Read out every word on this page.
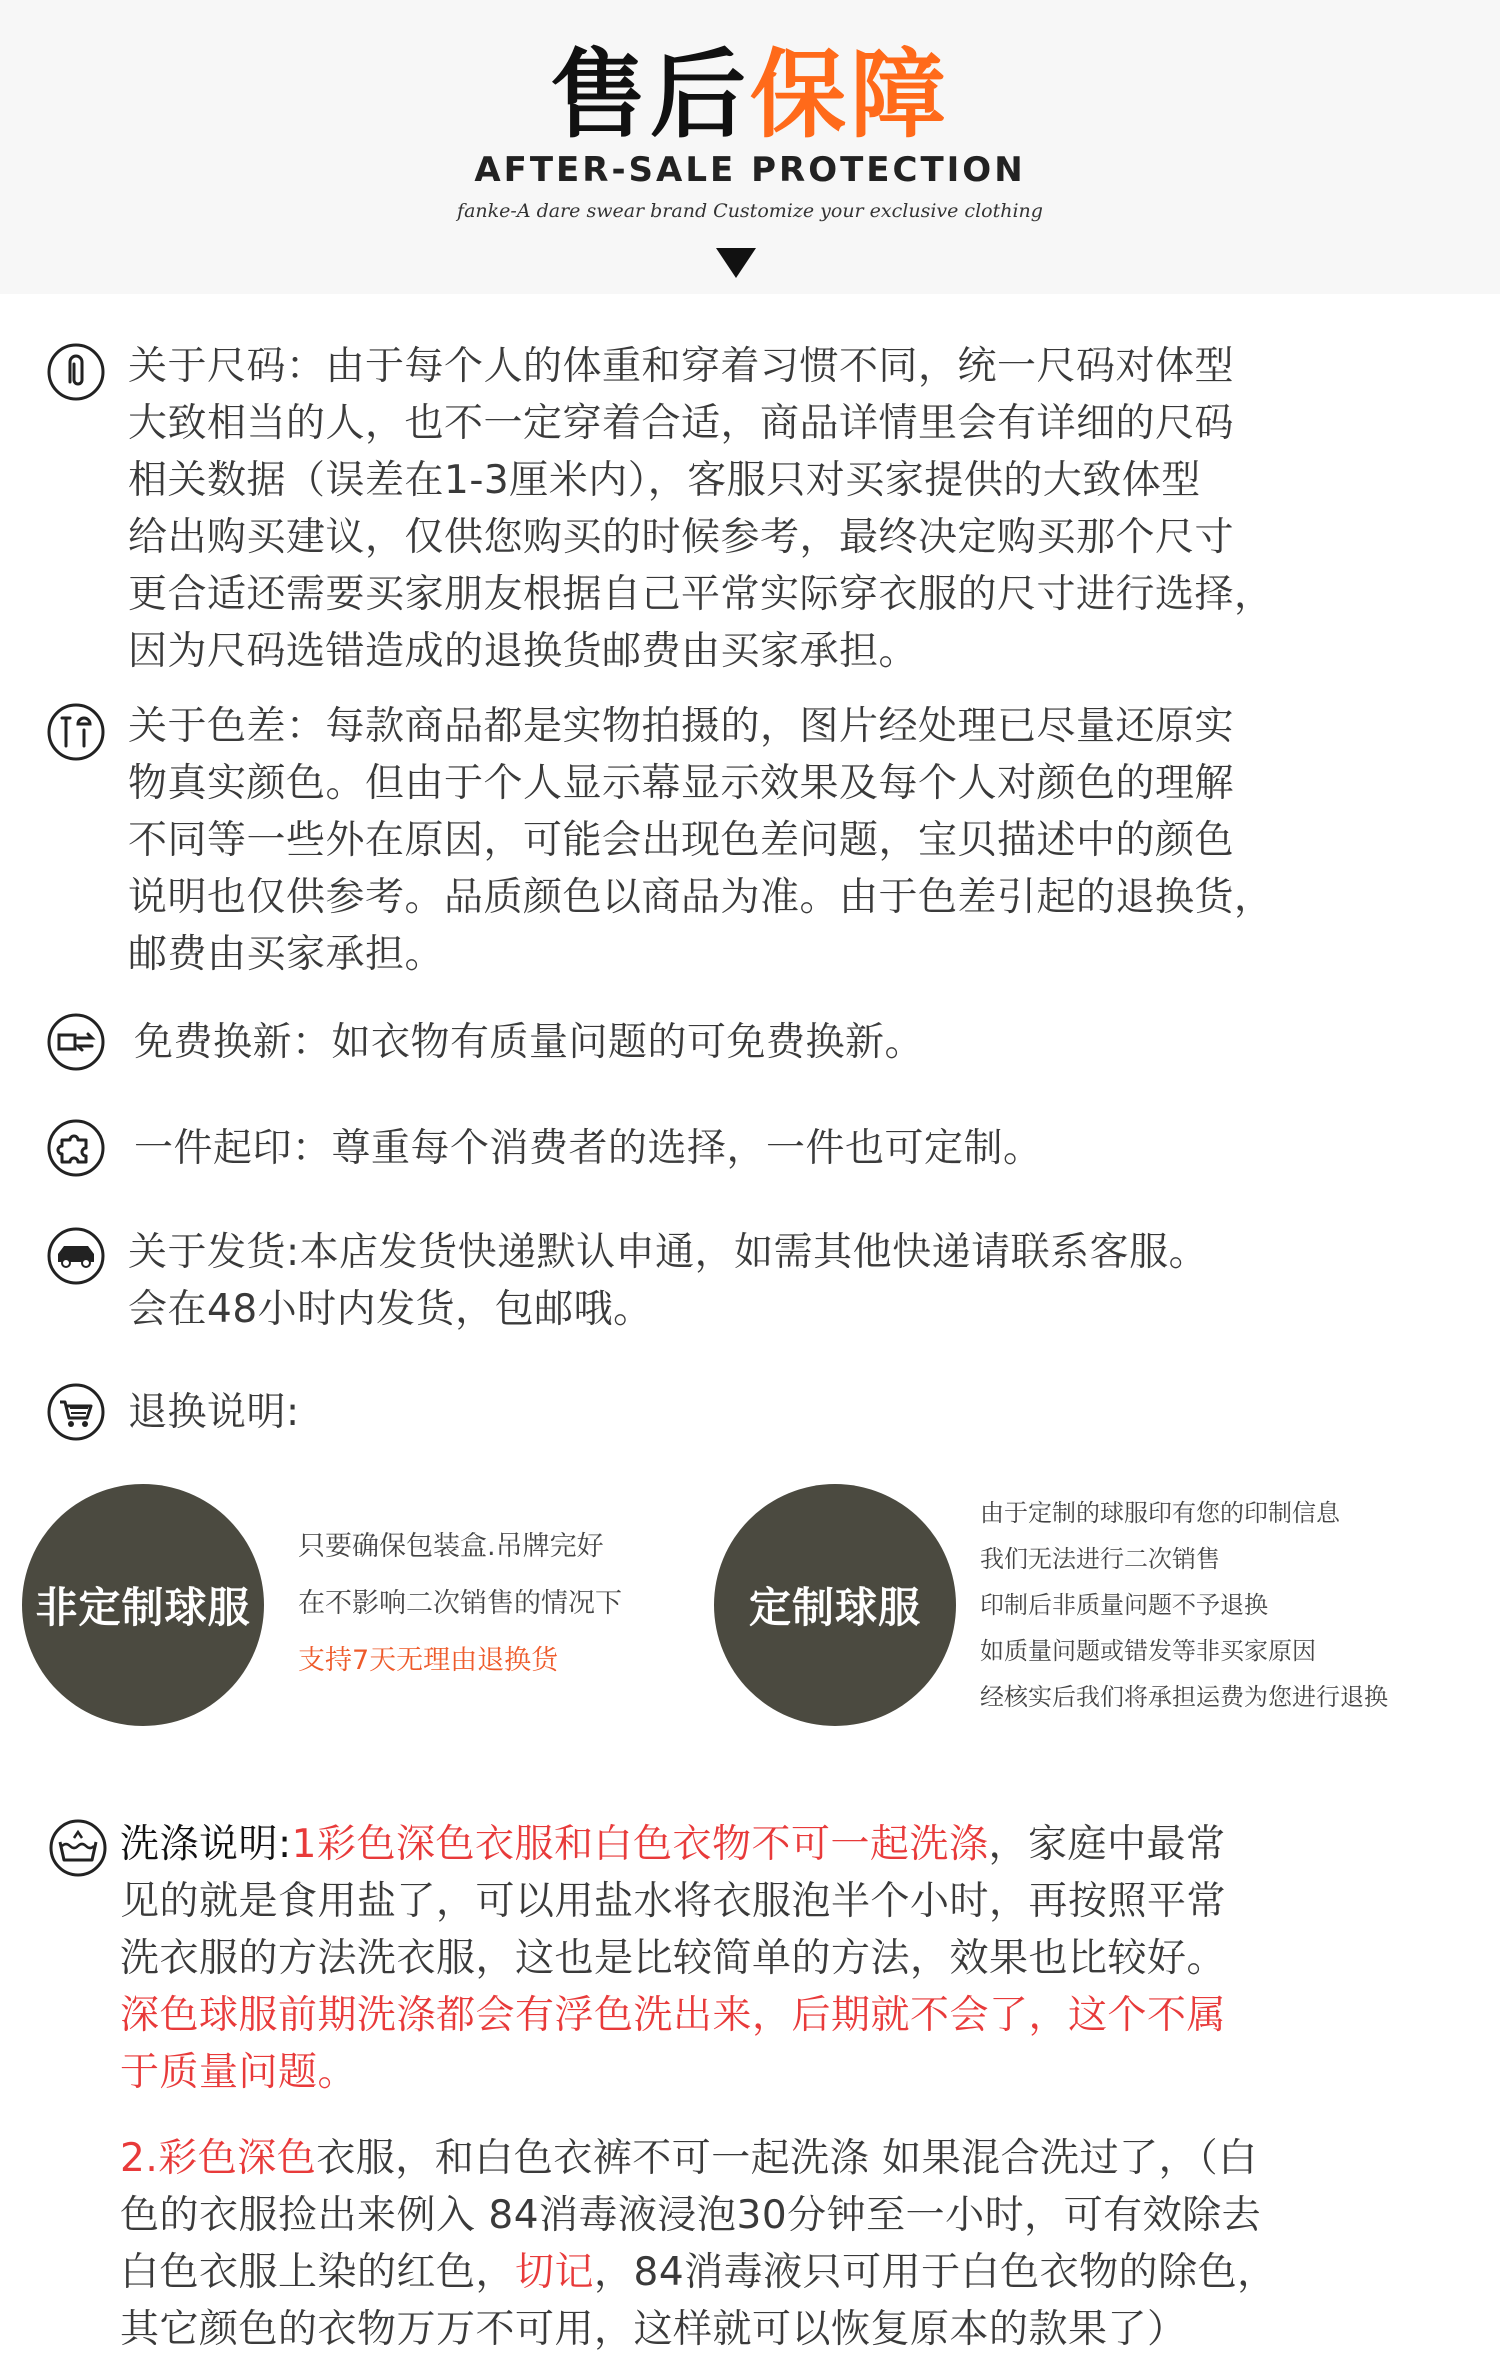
售后保障
AFTER-SALE PROTECTION
fanke-A dare swear brand Customize your exclusive clothing
关于尺码：由于每个人的体重和穿着习惯不同，统一尺码对体型
大致相当的人，也不一定穿着合适，商品详情里会有详细的尺码
相关数据（误差在1-3厘米内），客服只对买家提供的大致体型
给出购买建议，仅供您购买的时候参考，最终决定购买那个尺寸
更合适还需要买家朋友根据自己平常实际穿衣服的尺寸进行选择，
因为尺码选错造成的退换货邮费由买家承担。
关于色差：每款商品都是实物拍摄的，图片经处理已尽量还原实
物真实颜色。但由于个人显示幕显示效果及每个人对颜色的理解
不同等一些外在原因，可能会出现色差问题，宝贝描述中的颜色
说明也仅供参考。品质颜色以商品为准。由于色差引起的退换货，
邮费由买家承担。
免费换新：如衣物有质量问题的可免费换新。
一件起印：尊重每个消费者的选择，一件也可定制。
关于发货:本店发货快递默认申通，如需其他快递请联系客服。
会在48小时内发货，包邮哦。
退换说明:
非定制球服
只要确保包装盒.吊牌完好
在不影响二次销售的情况下
支持7天无理由退换货
定制球服
由于定制的球服印有您的印制信息
我们无法进行二次销售
印制后非质量问题不予退换
如质量问题或错发等非买家原因
经核实后我们将承担运费为您进行退换
洗涤说明:1彩色深色衣服和白色衣物不可一起洗涤，家庭中最常
见的就是食用盐了，可以用盐水将衣服泡半个小时，再按照平常
洗衣服的方法洗衣服，这也是比较简单的方法，效果也比较好。
深色球服前期洗涤都会有浮色洗出来，后期就不会了，这个不属
于质量问题。
2.彩色深色衣服，和白色衣裤不可一起洗涤 如果混合洗过了，（白
色的衣服捡出来例入 84消毒液浸泡30分钟至一小时，可有效除去
白色衣服上染的红色，切记，84消毒液只可用于白色衣物的除色，
其它颜色的衣物万万不可用，这样就可以恢复原本的款果了）
